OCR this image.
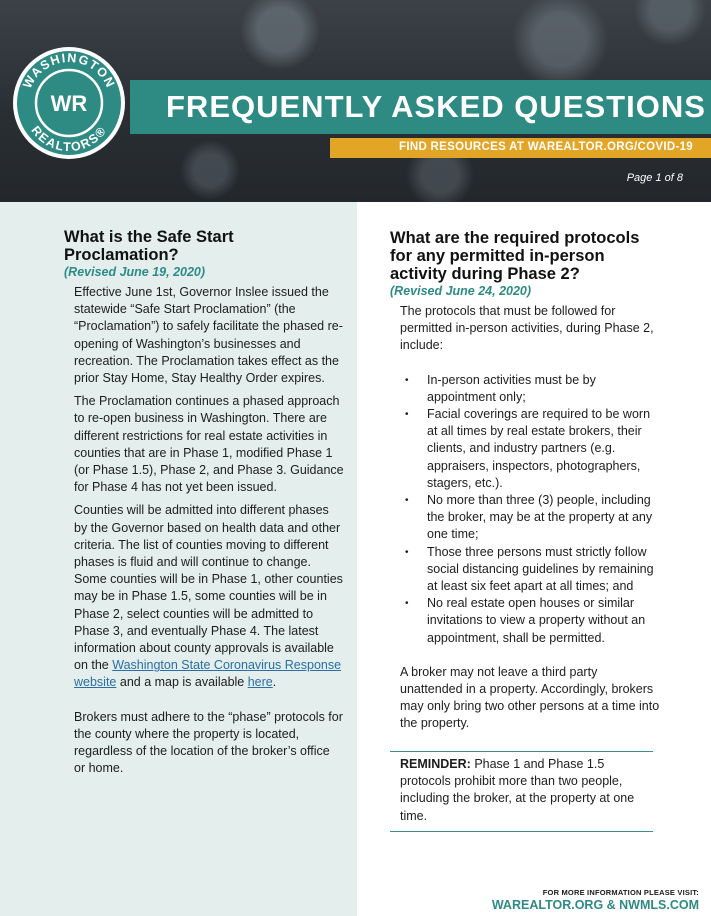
FREQUENTLY ASKED QUESTIONS
FIND RESOURCES AT WAREALTOR.ORG/COVID-19
Page 1 of 8
WASHINGTON
REALTORS®
WR
What is the Safe Start Proclamation?
(Revised June 19, 2020)

Effective June 1st, Governor Inslee issued the statewide “Safe Start Proclamation” (the “Proclamation”) to safely facilitate the phased re-opening of Washington’s businesses and recreation. The Proclamation takes effect as the prior Stay Home, Stay Healthy Order expires.

The Proclamation continues a phased approach to re-open business in Washington. There are different restrictions for real estate activities in counties that are in Phase 1, modified Phase 1 (or Phase 1.5), Phase 2, and Phase 3. Guidance for Phase 4 has not yet been issued.

Counties will be admitted into different phases by the Governor based on health data and other criteria. The list of counties moving to different phases is fluid and will continue to change. Some counties will be in Phase 1, other counties may be in Phase 1.5, some counties will be in Phase 2, select counties will be admitted to Phase 3, and eventually Phase 4. The latest information about county approvals is available on the Washington State Coronavirus Response website and a map is available here.

Brokers must adhere to the “phase” protocols for the county where the property is located, regardless of the location of the broker’s office or home.

What are the required protocols for any permitted in-person activity during Phase 2?
(Revised June 24, 2020)

The protocols that must be followed for permitted in-person activities, during Phase 2, include:

• In-person activities must be by appointment only;
• Facial coverings are required to be worn at all times by real estate brokers, their clients, and industry partners (e.g. appraisers, inspectors, photographers, stagers, etc.).
• No more than three (3) people, including the broker, may be at the property at any one time;
• Those three persons must strictly follow social distancing guidelines by remaining at least six feet apart at all times; and
• No real estate open houses or similar invitations to view a property without an appointment, shall be permitted.

A broker may not leave a third party unattended in a property. Accordingly, brokers may only bring two other persons at a time into the property.

REMINDER: Phase 1 and Phase 1.5 protocols prohibit more than two people, including the broker, at the property at one time.
FOR MORE INFORMATION PLEASE VISIT:
WAREALTOR.ORG & NWMLS.COM
